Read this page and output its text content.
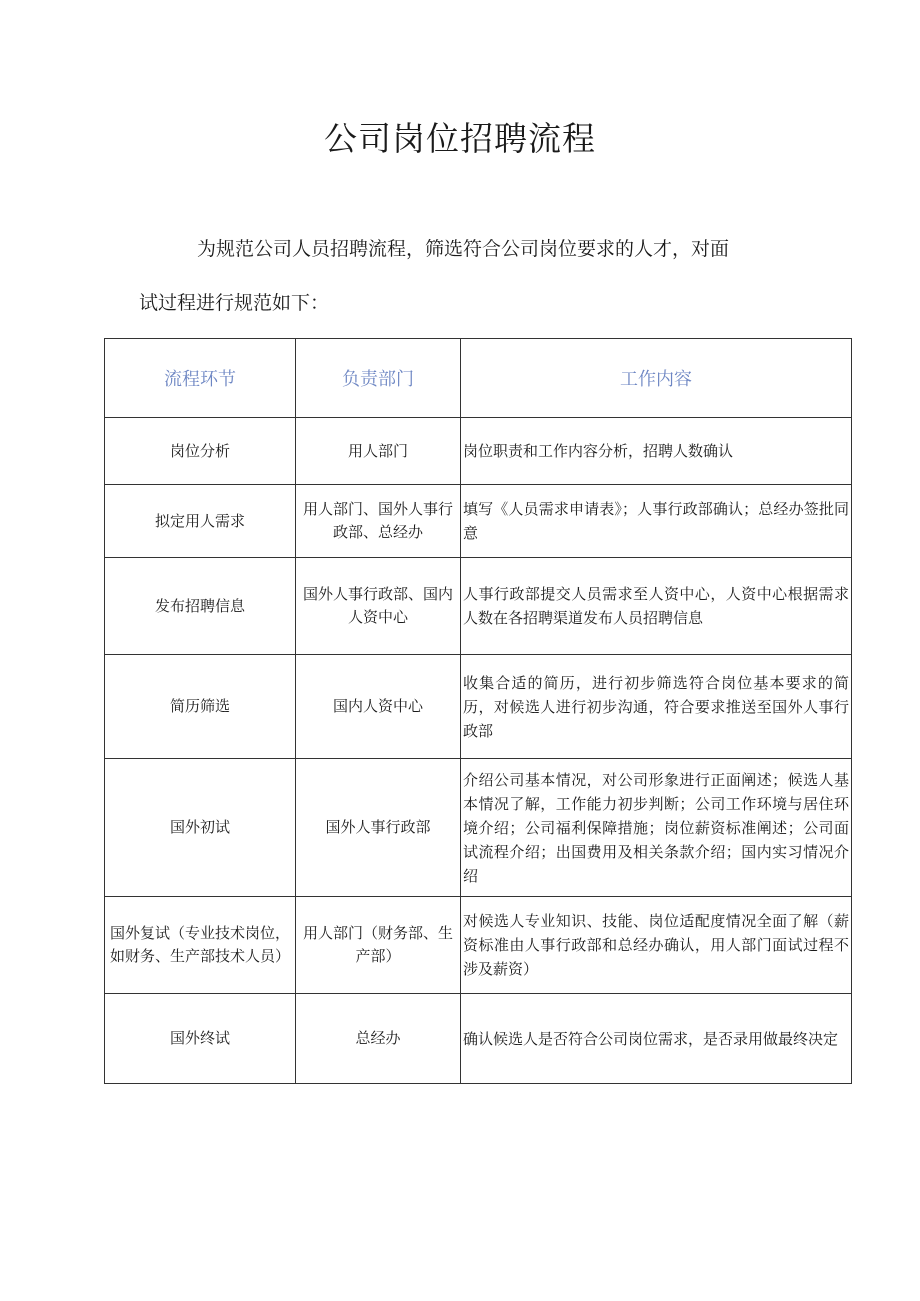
公司岗位招聘流程

为规范公司人员招聘流程，筛选符合公司岗位要求的人才，对面
试过程进行规范如下：

流程环节	负责部门	工作内容
岗位分析	用人部门	岗位职责和工作内容分析，招聘人数确认
拟定用人需求	用人部门、国外人事行政部、总经办	填写《人员需求申请表》；人事行政部确认；总经办签批同意
发布招聘信息	国外人事行政部、国内人资中心	人事行政部提交人员需求至人资中心，人资中心根据需求人数在各招聘渠道发布人员招聘信息
简历筛选	国内人资中心	收集合适的简历，进行初步筛选符合岗位基本要求的简历，对候选人进行初步沟通，符合要求推送至国外人事行政部
国外初试	国外人事行政部	介绍公司基本情况，对公司形象进行正面阐述；候选人基本情况了解，工作能力初步判断；公司工作环境与居住环境介绍；公司福利保障措施；岗位薪资标准阐述；公司面试流程介绍；出国费用及相关条款介绍；国内实习情况介绍
国外复试（专业技术岗位，如财务、生产部技术人员）	用人部门（财务部、生产部）	对候选人专业知识、技能、岗位适配度情况全面了解（薪资标准由人事行政部和总经办确认，用人部门面试过程不涉及薪资）
国外终试	总经办	确认候选人是否符合公司岗位需求，是否录用做最终决定
